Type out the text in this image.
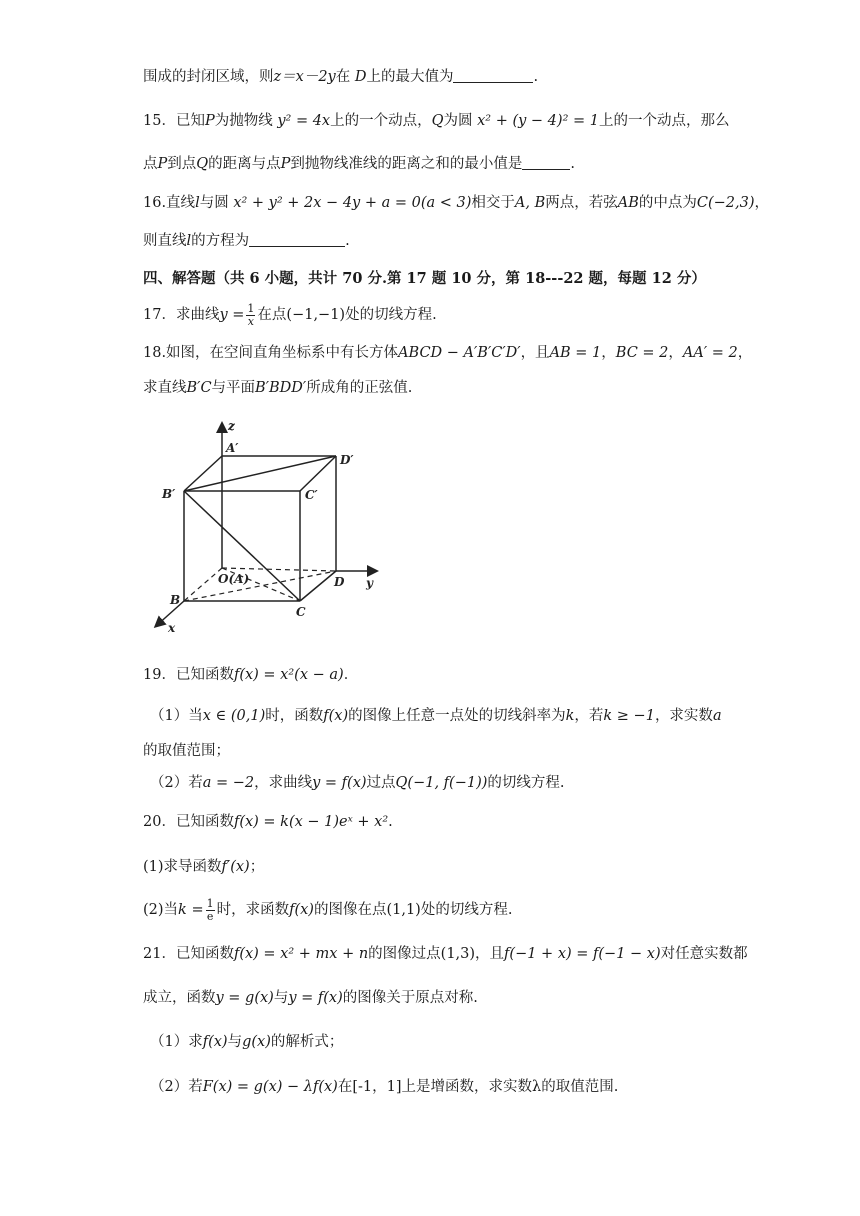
围成的封闭区域，则z＝x－2y在 D上的最大值为	.
15．已知P为抛物线 y² = 4x上的一个动点，Q为圆 x² + (y − 4)² = 1上的一个动点，那么
点P到点Q的距离与点P到抛物线准线的距离之和的最小值是	.
16.直线l与圆 x² + y² + 2x − 4y + a = 0(a < 3)相交于A, B两点，若弦AB的中点为C(−2,3)，
则直线l的方程为	.
四、解答题（共 6 小题，共计 70 分.第 17 题 10 分，第 18---22 题，每题 12 分）
17．求曲线$y = \frac{1}{x}$ 在点(−1,−1)处的切线方程.
18.如图，在空间直角坐标系中有长方体ABCD − A′B′C′D′，且AB = 1，BC = 2，AA′ = 2，
求直线B′C与平面B′BDD′所成角的正弦值.
z
A′
D′
B′	C′
O(A)	D y
B
C
x
19．已知函数f(x) = x²(x − a)．
（1）当x ∈ (0,1)时，函数f(x)的图像上任意一点处的切线斜率为k，若k ≥ −1，求实数a
的取值范围；
（2）若a = −2，求曲线y = f(x)过点Q(−1, f(−1))的切线方程.
20．已知函数f(x) = k(x − 1)eˣ + x².
(1)求导函数f′(x)；
(2)当$k = \frac{1}{e}$ 时，求函数f(x)的图像在点(1,1)处的切线方程.
21．已知函数f(x) = x² + mx + n的图像过点(1,3)，且f(−1 + x) = f(−1 − x)对任意实数都
成立，函数y = g(x)与y = f(x)的图像关于原点对称.
（1）求f(x)与g(x)的解析式；
（2）若F(x) = g(x) − λf(x)在[-1，1]上是增函数，求实数λ的取值范围.
